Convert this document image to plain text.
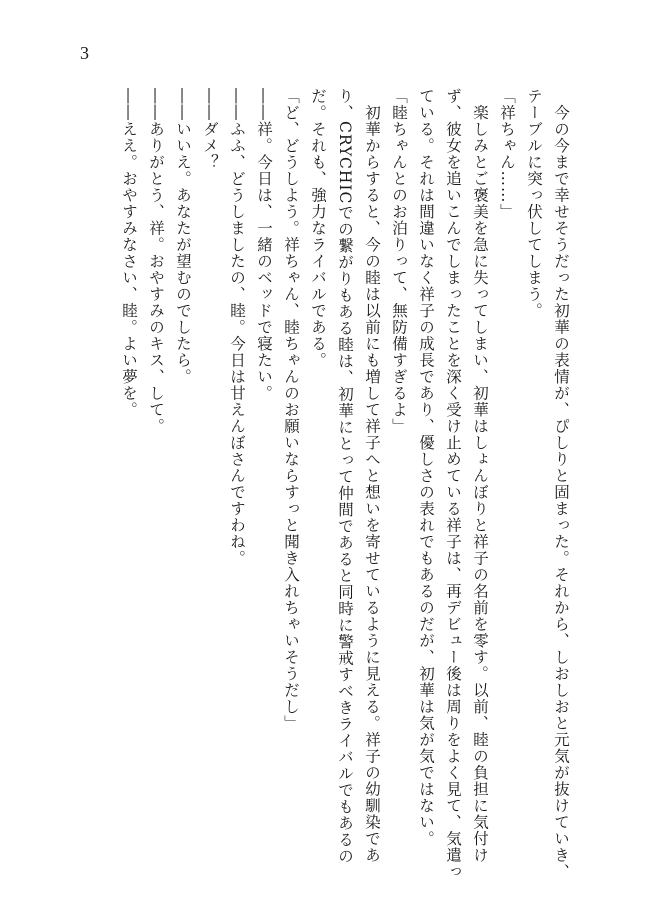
3
　今の今まで幸せそうだった初華の表情が、ぴしりと固まった。それから、しおしおと元気が抜けていき、
テーブルに突っ伏してしまう。
「祥ちゃん……」
　楽しみとご褒美を急に失ってしまい、初華はしょんぼりと祥子の名前を零す。以前、睦の負担に気付け
ず、彼女を追いこんでしまったことを深く受け止めている祥子は、再デビュー後は周りをよく見て、気遣っ
ている。それは間違いなく祥子の成長であり、優しさの表れでもあるのだが、初華は気が気ではない。
「睦ちゃんとのお泊りって、無防備すぎるよ」
　初華からすると、今の睦は以前にも増して祥子へと想いを寄せているように見える。祥子の幼馴染であ
り、CRYCHICでの繋がりもある睦は、初華にとって仲間であると同時に警戒すべきライバルでもあるの
だ。それも、強力なライバルである。
「ど、どうしよう。祥ちゃん、睦ちゃんのお願いならすっと聞き入れちゃいそうだし」
――祥。今日は、一緒のベッドで寝たい。
――ふふ、どうしましたの、睦。今日は甘えんぼさんですわね。
――ダメ？
――いいえ。あなたが望むのでしたら。
――ありがとう、祥。おやすみのキス、して。
――ええ。おやすみなさい、睦。よい夢を。
